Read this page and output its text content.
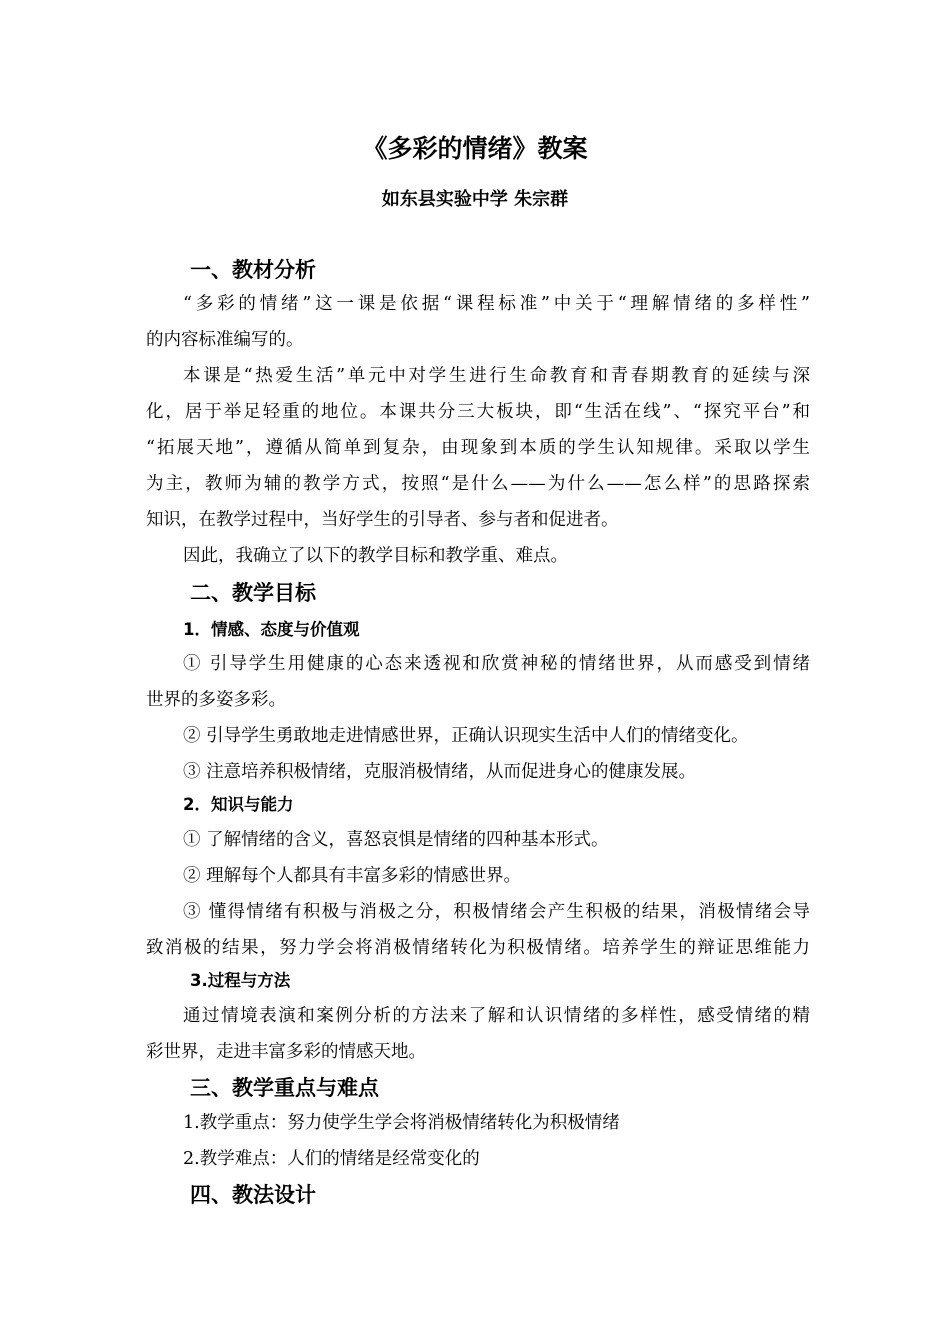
《多彩的情绪》教案
如东县实验中学 朱宗群
一、教材分析
“多彩的情绪”这一课是依据“课程标准”中关于“理解情绪的多样性”
的内容标准编写的。
本课是“热爱生活”单元中对学生进行生命教育和青春期教育的延续与深
化，居于举足轻重的地位。本课共分三大板块，即“生活在线”、“探究平台”和
“拓展天地”，遵循从简单到复杂，由现象到本质的学生认知规律。采取以学生
为主，教师为辅的教学方式，按照“是什么——为什么——怎么样”的思路探索
知识，在教学过程中，当好学生的引导者、参与者和促进者。
因此，我确立了以下的教学目标和教学重、难点。
二、教学目标
1．情感、态度与价值观
① 引导学生用健康的心态来透视和欣赏神秘的情绪世界，从而感受到情绪
世界的多姿多彩。
② 引导学生勇敢地走进情感世界，正确认识现实生活中人们的情绪变化。
③ 注意培养积极情绪，克服消极情绪，从而促进身心的健康发展。
2．知识与能力
① 了解情绪的含义，喜怒哀惧是情绪的四种基本形式。
② 理解每个人都具有丰富多彩的情感世界。
③ 懂得情绪有积极与消极之分，积极情绪会产生积极的结果，消极情绪会导
致消极的结果，努力学会将消极情绪转化为积极情绪。培养学生的辩证思维能力
3.过程与方法
通过情境表演和案例分析的方法来了解和认识情绪的多样性，感受情绪的精
彩世界，走进丰富多彩的情感天地。
三、教学重点与难点
1.教学重点：努力使学生学会将消极情绪转化为积极情绪
2.教学难点：人们的情绪是经常变化的
四、教法设计
